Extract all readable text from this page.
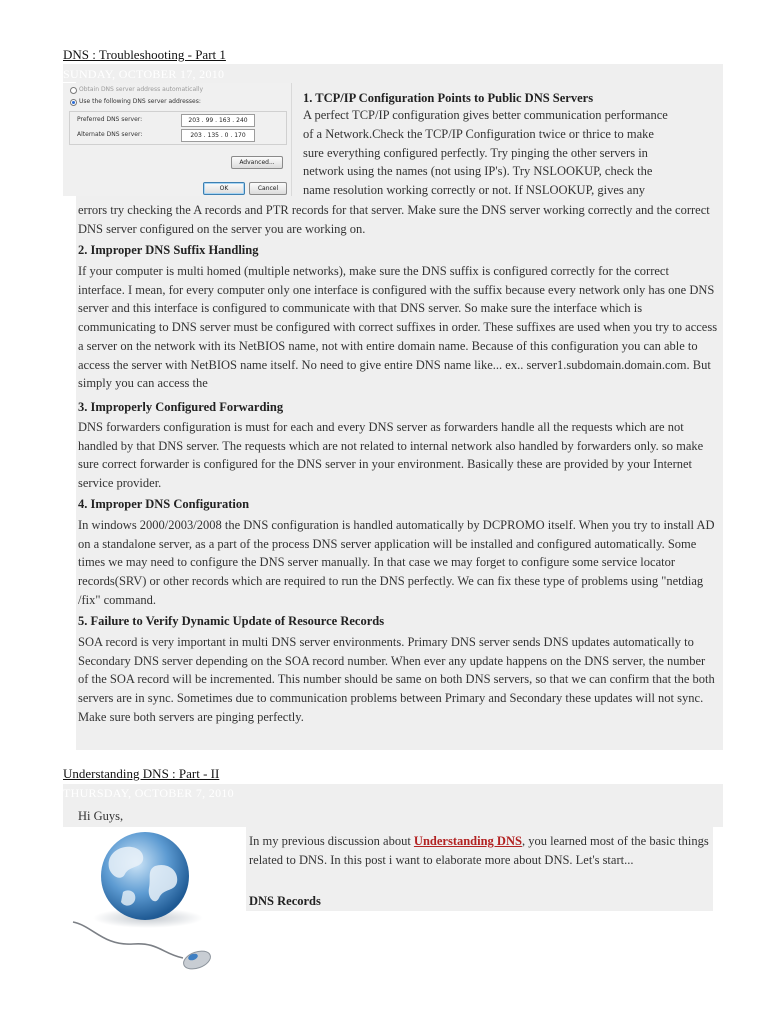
DNS : Troubleshooting - Part 1
SUNDAY, OCTOBER 17, 2010
Obtain DNS server address automatically
Use the following DNS server addresses:
Preferred DNS server:	203 . 99 . 163 . 240
Alternate DNS server:	203 . 135 . 0 . 170
Advanced...
OK	Cancel
1. TCP/IP Configuration Points to Public DNS Servers
A perfect TCP/IP configuration gives better communication performance
of a Network.Check the TCP/IP Configuration twice or thrice to make
sure everything configured perfectly. Try pinging the other servers in
network using the names (not using IP's). Try NSLOOKUP, check the
name resolution working correctly or not. If NSLOOKUP, gives any
errors try checking the A records and PTR records for that server. Make sure the DNS server working correctly and the correct DNS server configured on the server you are working on.
2. Improper DNS Suffix Handling
If your computer is multi homed (multiple networks), make sure the DNS suffix is configured correctly for the correct interface. I mean, for every computer only one interface is configured with the suffix because every network only has one DNS server and this interface is configured to communicate with that DNS server. So make sure the interface which is communicating to DNS server must be configured with correct suffixes in order. These suffixes are used when you try to access a server on the network with its NetBIOS name, not with entire domain name. Because of this configuration you can able to access the server with NetBIOS name itself. No need to give entire DNS name like... ex.. server1.subdomain.domain.com. But simply you can access the
3. Improperly Configured Forwarding
DNS forwarders configuration is must for each and every DNS server as forwarders handle all the requests which are not handled by that DNS server. The requests which are not related to internal network also handled by forwarders only. so make sure correct forwarder is configured for the DNS server in your environment. Basically these are provided by your Internet service provider.
4. Improper DNS Configuration
In windows 2000/2003/2008 the DNS configuration is handled automatically by DCPROMO itself. When you try to install AD on a standalone server, as a part of the process DNS server application will be installed and configured automatically. Some times we may need to configure the DNS server manually. In that case we may forget to configure some service locator records(SRV) or other records which are required to run the DNS perfectly. We can fix these type of problems using "netdiag /fix" command.
5. Failure to Verify Dynamic Update of Resource Records
SOA record is very important in multi DNS server environments. Primary DNS server sends DNS updates automatically to Secondary DNS server depending on the SOA record number. When ever any update happens on the DNS server, the number of the SOA record will be incremented. This number should be same on both DNS servers, so that we can confirm that the both servers are in sync. Sometimes due to communication problems between Primary and Secondary these updates will not sync. Make sure both servers are pinging perfectly.
Understanding DNS : Part - II
THURSDAY, OCTOBER 7, 2010
Hi Guys,
In my previous discussion about Understanding DNS, you learned most of the basic things related to DNS. In this post i want to elaborate more about DNS. Let's start...
DNS Records
